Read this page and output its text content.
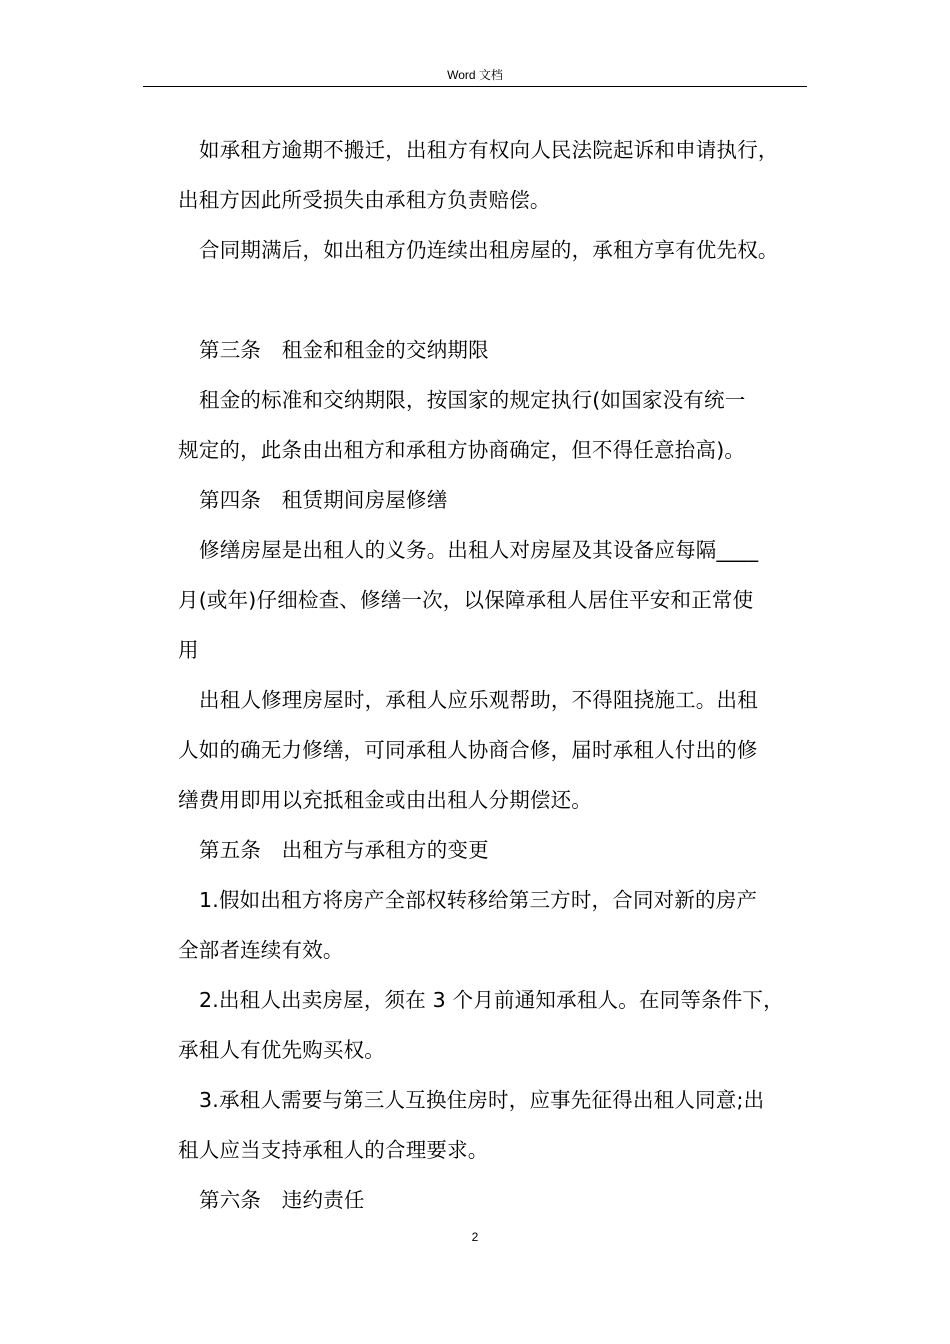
Word 文档
如承租方逾期不搬迁，出租方有权向人民法院起诉和申请执行，
出租方因此所受损失由承租方负责赔偿。
合同期满后，如出租方仍连续出租房屋的，承租方享有优先权。
第三条　租金和租金的交纳期限
租金的标准和交纳期限，按国家的规定执行(如国家没有统一
规定的，此条由出租方和承租方协商确定，但不得任意抬高)。
第四条　租赁期间房屋修缮
修缮房屋是出租人的义务。出租人对房屋及其设备应每隔____
月(或年)仔细检查、修缮一次，以保障承租人居住平安和正常使
用
出租人修理房屋时，承租人应乐观帮助，不得阻挠施工。出租
人如的确无力修缮，可同承租人协商合修，届时承租人付出的修
缮费用即用以充抵租金或由出租人分期偿还。
第五条　出租方与承租方的变更
1.假如出租方将房产全部权转移给第三方时，合同对新的房产
全部者连续有效。
2.出租人出卖房屋，须在 3 个月前通知承租人。在同等条件下，
承租人有优先购买权。
3.承租人需要与第三人互换住房时，应事先征得出租人同意;出
租人应当支持承租人的合理要求。
第六条　违约责任
2
